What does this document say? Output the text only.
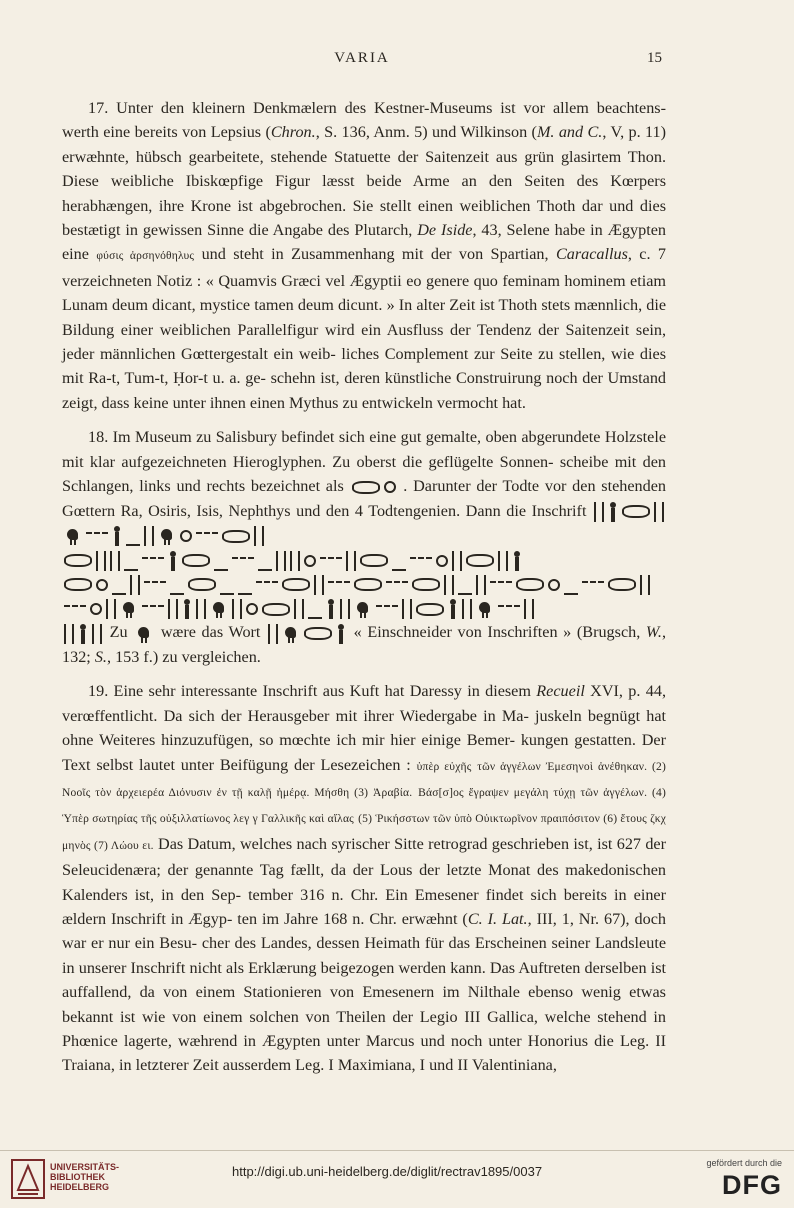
VARIA	15

17. Unter den kleinern Denkmælern des Kestner-Museums ist vor allem beachtens- werth eine bereits von Lepsius (Chron., S. 136, Anm. 5) und Wilkinson (M. and C., V, p. 11) erwæhnte, hübsch gearbeitete, stehende Statuette der Saitenzeit aus grün glasirtem Thon. Diese weibliche Ibiskœpfige Figur læsst beide Arme an den Seiten des Kœrpers herabhængen, ihre Krone ist abgebrochen. Sie stellt einen weiblichen Thoth dar und dies bestætigt in gewissen Sinne die Angabe des Plutarch, De Iside, 43, Selene habe in Ægypten eine φύσις ἀρσηνόθηλυς und steht in Zusammenhang mit der von Spartian, Caracallus, c. 7 verzeichneten Notiz : « Quamvis Græci vel Ægyptii eo genere quo feminam hominem etiam Lunam deum dicant, mystice tamen deum dicunt. » In alter Zeit ist Thoth stets mænnlich, die Bildung einer weiblichen Parallelfigur wird ein Ausfluss der Tendenz der Saitenzeit sein, jeder männlichen Gœttergestalt ein weib- liches Complement zur Seite zu stellen, wie dies mit Ra-t, Tum-t, Ḥor-t u. a. ge- schehn ist, deren künstliche Construirung noch der Umstand zeigt, dass keine unter ihnen einen Mythus zu entwickeln vermocht hat.

18. Im Museum zu Salisbury befindet sich eine gut gemalte, oben abgerundete Holzstele mit klar aufgezeichneten Hieroglyphen. Zu oberst die geflügelte Sonnen- scheibe mit den Schlangen, links und rechts bezeichnet als	. Darunter der Todte vor den stehenden Gœttern Ra, Osiris, Isis, Nephthys und den 4 Todtengenien. Dann die Inschrift
Zu wære das Wort	« Einschneider von Inschriften » (Brugsch, W., 132; S., 153 f.) zu vergleichen.

19. Eine sehr interessante Inschrift aus Kuft hat Daressy in diesem Recueil XVI, p. 44, verœffentlicht. Da sich der Herausgeber mit ihrer Wiedergabe in Ma- juskeln begnügt hat ohne Weiteres hinzuzufügen, so mœchte ich mir hier einige Bemer- kungen gestatten. Der Text selbst lautet unter Beifügung der Lesezeichen : ὑπὲρ εὐχῆς τῶν ἀγγέλων Ἐμεσηνοὶ ἀνέθηκαν. (2) Νοοῖς τὸν ἀρχειερέα Διόνυσιν ἐν τῇ καλῇ ἡμέρᾳ. Μήσθη (3) Ἀραβία. Βάσ[σ]ος ἔγραψεν μεγάλη τύχῃ τῶν ἀγγέλων. (4) Ὑπὲρ σωτηρίας τῆς οὐξιλλατίωνος λεγ γ Γαλλικῆς καὶ αἴλας (5) Ῥικήσστων τῶν ὑπὸ Οὐικτωρῖνον πραιπόσιτον (6) ἔτους ζκχ μηνὸς (7) Λώου ει. Das Datum, welches nach syrischer Sitte retrograd geschrieben ist, ist 627 der Seleucidenæra; der genannte Tag fællt, da der Lous der letzte Monat des makedonischen Kalenders ist, in den Sep- tember 316 n. Chr. Ein Emesener findet sich bereits in einer ældern Inschrift in Ægyp- ten im Jahre 168 n. Chr. erwæhnt (C. I. Lat., III, 1, Nr. 67), doch war er nur ein Besu- cher des Landes, dessen Heimath für das Erscheinen seiner Landsleute in unserer Inschrift nicht als Erklærung beigezogen werden kann. Das Auftreten derselben ist auffallend, da von einem Stationieren von Emesenern im Nilthale ebenso wenig etwas bekannt ist wie von einem solchen von Theilen der Legio III Gallica, welche stehend in Phœnice lagerte, wæhrend in Ægypten unter Marcus und noch unter Honorius die Leg. II Traiana, in letzterer Zeit ausserdem Leg. I Maximiana, I und II Valentiniana,

UNIVERSITÄTS-
BIBLIOTHEK
HEIDELBERG
http://digi.ub.uni-heidelberg.de/diglit/rectrav1895/0037
gefördert durch die
DFG
